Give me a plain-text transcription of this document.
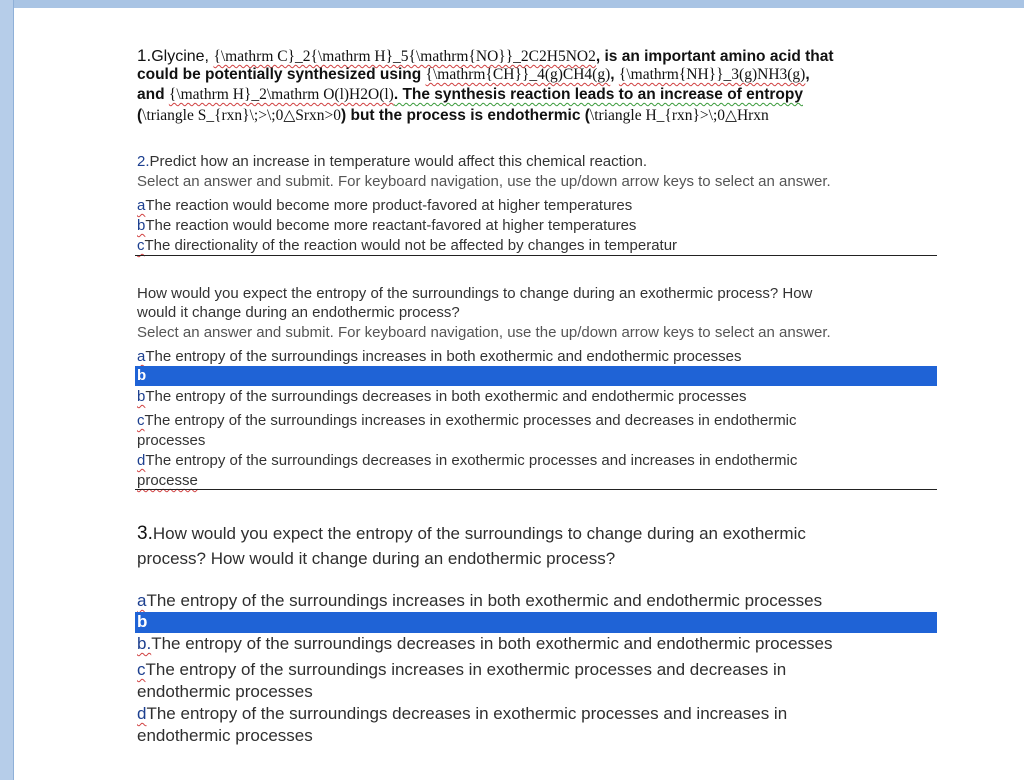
1.Glycine, {\mathrm C}_2{\mathrm H}_5{\mathrm{NO}}_2C2H5NO2, is an important amino acid that
could be potentially synthesized using {\mathrm{CH}}_4(g)CH4(g), {\mathrm{NH}}_3(g)NH3(g),
and {\mathrm H}_2\mathrm O(l)H2O(l). The synthesis reaction leads to an increase of entropy
(\triangle S_{rxn}\;>\;0△Srxn>0) but the process is endothermic (\triangle H_{rxn}>\;0△Hrxn
2.Predict how an increase in temperature would affect this chemical reaction.
Select an answer and submit. For keyboard navigation, use the up/down arrow keys to select an answer.
aThe reaction would become more product-favored at higher temperatures
bThe reaction would become more reactant-favored at higher temperatures
cThe directionality of the reaction would not be affected by changes in temperatur
How would you expect the entropy of the surroundings to change during an exothermic process? How
would it change during an endothermic process?
Select an answer and submit. For keyboard navigation, use the up/down arrow keys to select an answer.
aThe entropy of the surroundings increases in both exothermic and endothermic processes
b
bThe entropy of the surroundings decreases in both exothermic and endothermic processes
cThe entropy of the surroundings increases in exothermic processes and decreases in endothermic
processes
dThe entropy of the surroundings decreases in exothermic processes and increases in endothermic
processe
3.How would you expect the entropy of the surroundings to change during an exothermic
process? How would it change during an endothermic process?
aThe entropy of the surroundings increases in both exothermic and endothermic processes
b
b.The entropy of the surroundings decreases in both exothermic and endothermic processes
cThe entropy of the surroundings increases in exothermic processes and decreases in
endothermic processes
dThe entropy of the surroundings decreases in exothermic processes and increases in
endothermic processes
